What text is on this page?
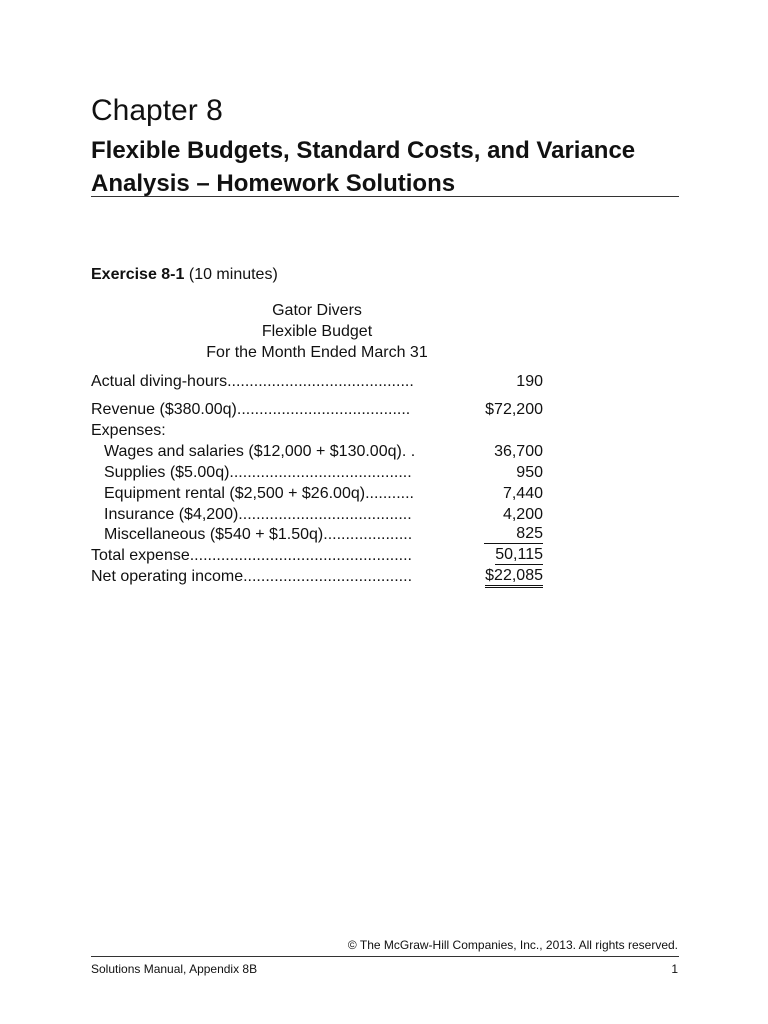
Chapter 8
Flexible Budgets, Standard Costs, and Variance
Analysis – Homework Solutions
Exercise 8-1 (10 minutes)
Gator Divers
Flexible Budget
For the Month Ended March 31
Actual diving-hours..........................................	190
Revenue ($380.00q).......................................	$72,200
Expenses:
Wages and salaries ($12,000 + $130.00q). .	36,700
Supplies ($5.00q).........................................	950
Equipment rental ($2,500 + $26.00q)...........	7,440
Insurance ($4,200).......................................	4,200
Miscellaneous ($540 + $1.50q)....................	825
Total expense..................................................	50,115
Net operating income......................................	$22,085
© The McGraw-Hill Companies, Inc., 2013. All rights reserved.
Solutions Manual, Appendix 8B	1
